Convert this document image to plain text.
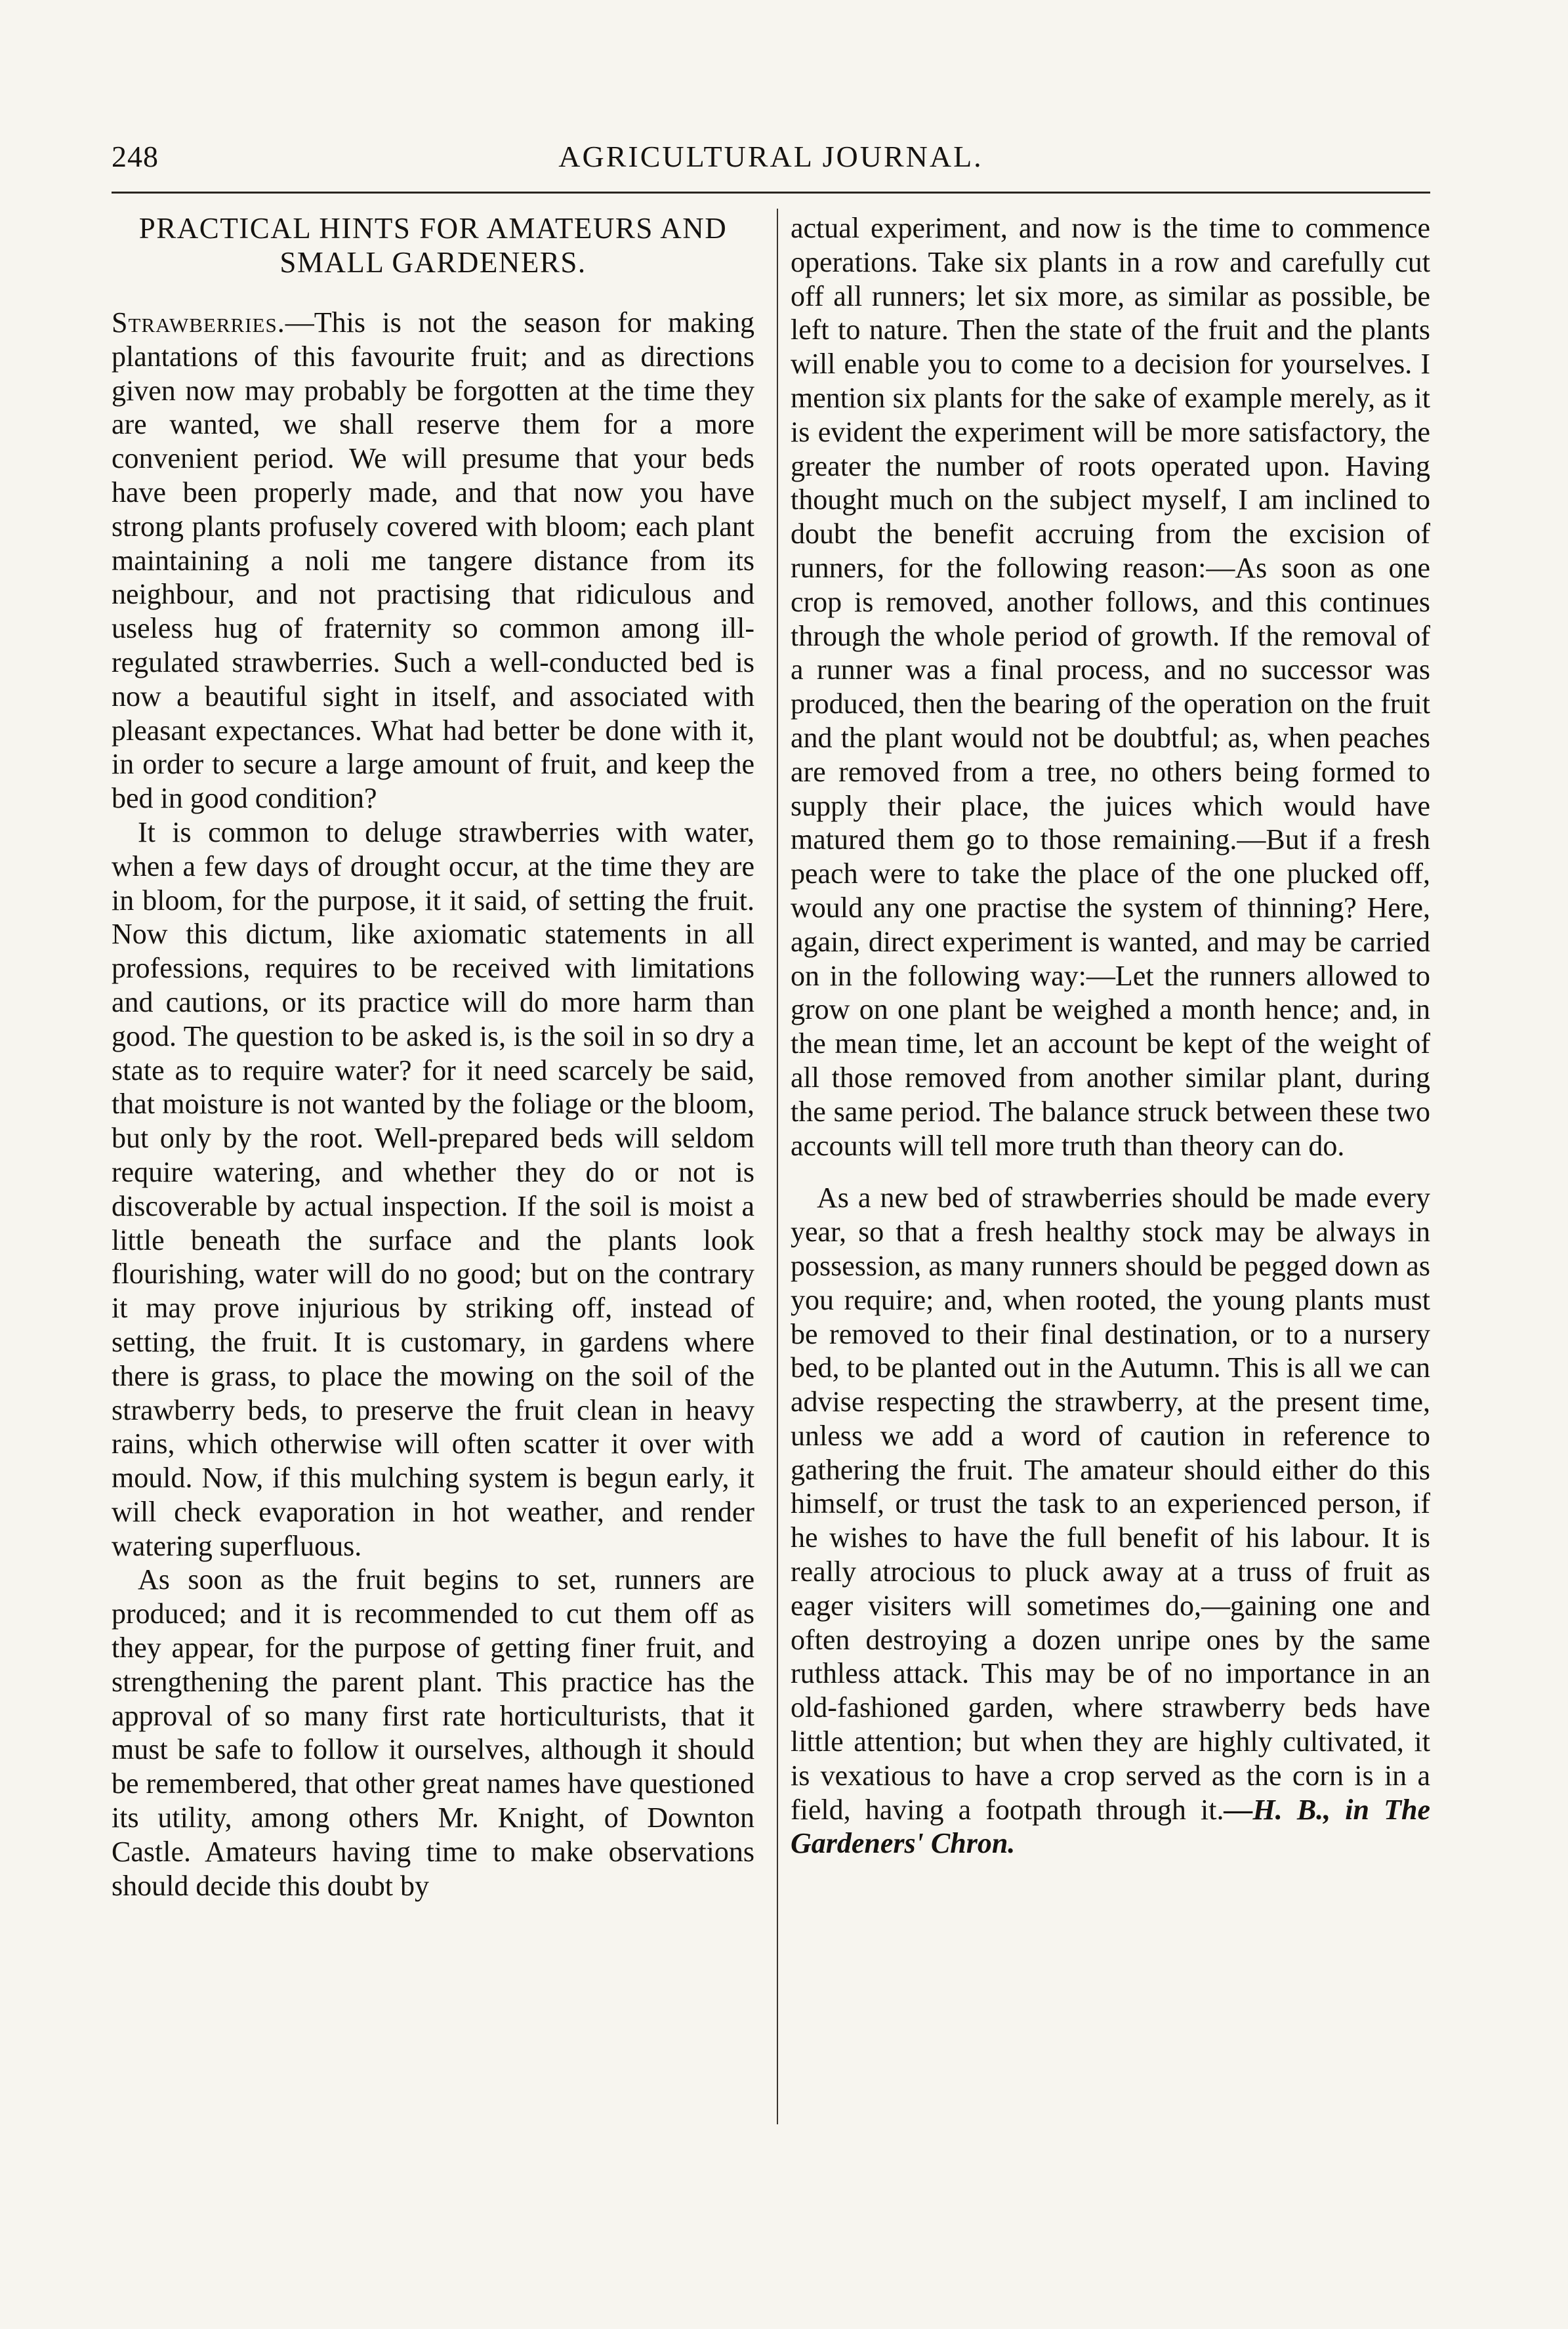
248	AGRICULTURAL JOURNAL.
PRACTICAL HINTS FOR AMATEURS AND SMALL GARDENERS.

Strawberries.—This is not the season for making plantations of this favourite fruit; and as directions given now may probably be forgotten at the time they are wanted, we shall reserve them for a more convenient period. We will presume that your beds have been properly made, and that now you have strong plants profusely covered with bloom; each plant maintaining a noli me tangere distance from its neighbour, and not practising that ridiculous and useless hug of fraternity so common among ill-regulated strawberries. Such a well-conducted bed is now a beautiful sight in itself, and associated with pleasant expectances. What had better be done with it, in order to secure a large amount of fruit, and keep the bed in good condition?

It is common to deluge strawberries with water, when a few days of drought occur, at the time they are in bloom, for the purpose, it it said, of setting the fruit. Now this dictum, like axiomatic statements in all professions, requires to be received with limitations and cautions, or its practice will do more harm than good. The question to be asked is, is the soil in so dry a state as to require water? for it need scarcely be said, that moisture is not wanted by the foliage or the bloom, but only by the root. Well-prepared beds will seldom require watering, and whether they do or not is discoverable by actual inspection. If the soil is moist a little beneath the surface and the plants look flourishing, water will do no good; but on the contrary it may prove injurious by striking off, instead of setting, the fruit. It is customary, in gardens where there is grass, to place the mowing on the soil of the strawberry beds, to preserve the fruit clean in heavy rains, which otherwise will often scatter it over with mould. Now, if this mulching system is begun early, it will check evaporation in hot weather, and render watering superfluous.

As soon as the fruit begins to set, runners are produced; and it is recommended to cut them off as they appear, for the purpose of getting finer fruit, and strengthening the parent plant. This practice has the approval of so many first rate horticulturists, that it must be safe to follow it ourselves, although it should be remembered, that other great names have questioned its utility, among others Mr. Knight, of Downton Castle. Amateurs having time to make observations should decide this doubt by

actual experiment, and now is the time to commence operations. Take six plants in a row and carefully cut off all runners; let six more, as similar as possible, be left to nature. Then the state of the fruit and the plants will enable you to come to a decision for yourselves. I mention six plants for the sake of example merely, as it is evident the experiment will be more satisfactory, the greater the number of roots operated upon. Having thought much on the subject myself, I am inclined to doubt the benefit accruing from the excision of runners, for the following reason:—As soon as one crop is removed, another follows, and this continues through the whole period of growth. If the removal of a runner was a final process, and no successor was produced, then the bearing of the operation on the fruit and the plant would not be doubtful; as, when peaches are removed from a tree, no others being formed to supply their place, the juices which would have matured them go to those remaining.—But if a fresh peach were to take the place of the one plucked off, would any one practise the system of thinning? Here, again, direct experiment is wanted, and may be carried on in the following way:—Let the runners allowed to grow on one plant be weighed a month hence; and, in the mean time, let an account be kept of the weight of all those removed from another similar plant, during the same period. The balance struck between these two accounts will tell more truth than theory can do.

As a new bed of strawberries should be made every year, so that a fresh healthy stock may be always in possession, as many runners should be pegged down as you require; and, when rooted, the young plants must be removed to their final destination, or to a nursery bed, to be planted out in the Autumn. This is all we can advise respecting the strawberry, at the present time, unless we add a word of caution in reference to gathering the fruit. The amateur should either do this himself, or trust the task to an experienced person, if he wishes to have the full benefit of his labour. It is really atrocious to pluck away at a truss of fruit as eager visiters will sometimes do,—gaining one and often destroying a dozen unripe ones by the same ruthless attack. This may be of no importance in an old-fashioned garden, where strawberry beds have little attention; but when they are highly cultivated, it is vexatious to have a crop served as the corn is in a field, having a footpath through it.—H. B., in The Gardeners' Chron.
